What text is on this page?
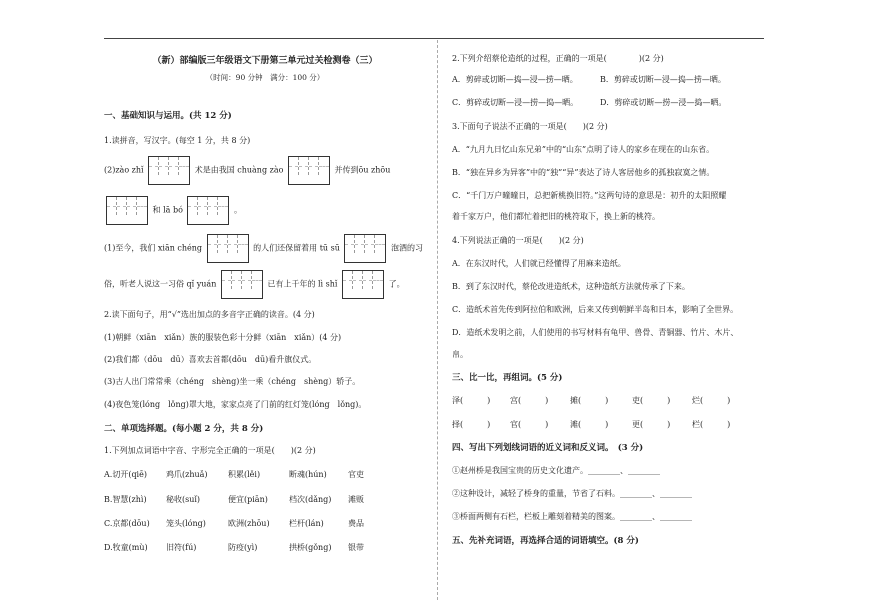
（新）部编版三年级语文下册第三单元过关检测卷（三）
（时间：90 分钟　满分：100 分）
一、基础知识与运用。(共 12 分)
1.读拼音，写汉字。(每空 1 分，共 8 分)
(2)zào zhǐ	术是由我国 chuàng zào	并传到ōu zhōu
和 lā bó	。
(1)至今，我们 xiān chéng	的人们还保留着用 tū sū	泡酒的习
俗，听老人说这一习俗 qǐ yuán	已有上千年的 lì shǐ	了。
2.读下面句子，用“√”选出加点的多音字正确的读音。(4 分)
(1)朝鲜（xiān　xiǎn）族的服装色彩十分鲜（xiān　xiǎn）(4 分)
(2)我们都（dōu　dū）喜欢去首都(dōu　dū)看升旗仪式。
(3)古人出门常常乘（chéng　shèng)坐一乘（chéng　shèng）轿子。
(4)夜色笼(lóng　lǒng)罩大地，家家点亮了门前的红灯笼(lóng　lǒng)。
二、单项选择题。(每小题 2 分，共 8 分)
1.下列加点词语中字音、字形完全正确的一项是(　　)(2 分)
A.切开(qiē) 鸡爪(zhuǎ)	积累(lěi)	断魂(hún)	官吏
B.智慧(zhì) 秘收(suǐ)	便宜(piān)	档次(dǎng) 滩贩
C.京都(dōu) 笼头(lóng)	欧洲(zhōu) 栏杆(lán)	费品
D.牧童(mù) 旧符(fú)	防疫(yì)	拱桥(gǒng) 银带
2.下列介绍蔡伦造纸的过程，正确的一项是(　　　　)(2 分)
A．剪碎或切断—捣—浸—捞—晒。	B．剪碎或切断—浸—捣—捞—晒。
C．剪碎或切断—浸—捞—捣—晒。	D．剪碎或切断—捞—浸—捣—晒。
3.下面句子说法不正确的一项是(　　)(2 分)
A．“九月九日忆山东兄弟”中的“山东”点明了诗人的家乡在现在的山东省。
B．“独在异乡为异客”中的“独”“异”表达了诗人客居他乡的孤独寂寞之情。
C．“千门万户曈曈日，总把新桃换旧符。”这两句诗的意思是：初升的太阳照耀
着千家万户，他们都忙着把旧的桃符取下，换上新的桃符。
4.下列说法正确的一项是(　　)(2 分)
A．在东汉时代，人们就已经懂得了用麻来造纸。
B．到了东汉时代，蔡伦改进造纸术，这种造纸方法就传承了下来。
C．造纸术首先传到阿拉伯和欧洲，后来又传到朝鲜半岛和日本，影响了全世界。
D．造纸术发明之前，人们使用的书写材料有龟甲、兽骨、青铜器、竹片、木片、
帛。
三、比一比，再组词。(5 分)
泽(　　　) 宫(　　　)	摊(　　　)	吏(　　　)	烂(　　　)
择(　　　) 官(　　　)	滩(　　　)	更(　　　)	栏(　　　)
四、写出下列划线词语的近义词和反义词。　(3 分)
①赵州桥是我国宝贵的历史文化遗产。________、________
②这种设计，减轻了桥身的重量，节省了石料。________、________
③桥面两侧有石栏，栏板上雕刻着精美的图案。________、________
五、先补充词语，再选择合适的词语填空。(8 分)
